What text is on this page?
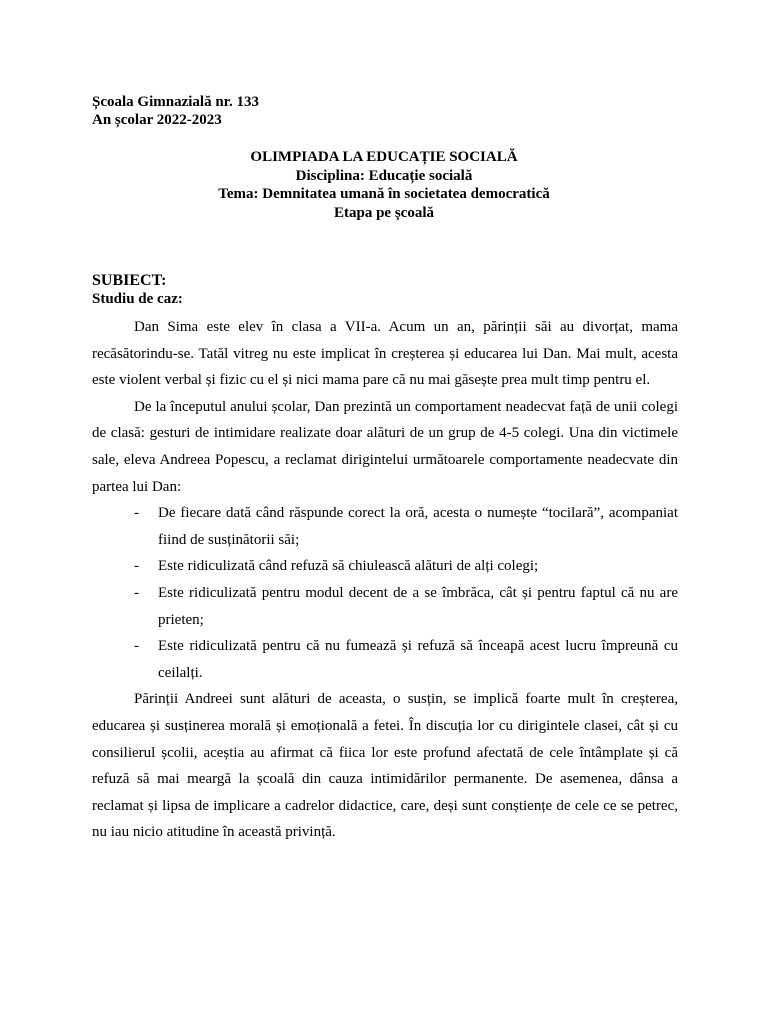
Școala Gimnazială nr. 133
An școlar 2022-2023
OLIMPIADA LA EDUCAȚIE SOCIALĂ
Disciplina: Educație socială
Tema: Demnitatea umană în societatea democratică
Etapa pe școală
SUBIECT:
Studiu de caz:

Dan Sima este elev în clasa a VII-a. Acum un an, părinții săi au divorțat, mama recăsătorindu-se. Tatăl vitreg nu este implicat în creșterea și educarea lui Dan. Mai mult, acesta este violent verbal și fizic cu el și nici mama pare că nu mai găsește prea mult timp pentru el.

De la începutul anului școlar, Dan prezintă un comportament neadecvat față de unii colegi de clasă: gesturi de intimidare realizate doar alături de un grup de 4-5 colegi. Una din victimele sale, eleva Andreea Popescu, a reclamat dirigintelui următoarele comportamente neadecvate din partea lui Dan:

- De fiecare dată când răspunde corect la oră, acesta o numește “tocilară”, acompaniat fiind de susținătorii săi;
- Este ridiculizată când refuză să chiulească alături de alți colegi;
- Este ridiculizată pentru modul decent de a se îmbrăca, cât și pentru faptul că nu are prieten;
- Este ridiculizată pentru că nu fumează și refuză să înceapă acest lucru împreună cu ceilalți.

Părinții Andreei sunt alături de aceasta, o susțin, se implică foarte mult în creșterea, educarea și susținerea morală și emoțională a fetei. În discuția lor cu dirigintele clasei, cât și cu consilierul școlii, aceștia au afirmat că fiica lor este profund afectată de cele întâmplate și că refuză să mai meargă la școală din cauza intimidărilor permanente. De asemenea, dânsa a reclamat și lipsa de implicare a cadrelor didactice, care, deși sunt conștiențe de cele ce se petrec, nu iau nicio atitudine în această privință.
